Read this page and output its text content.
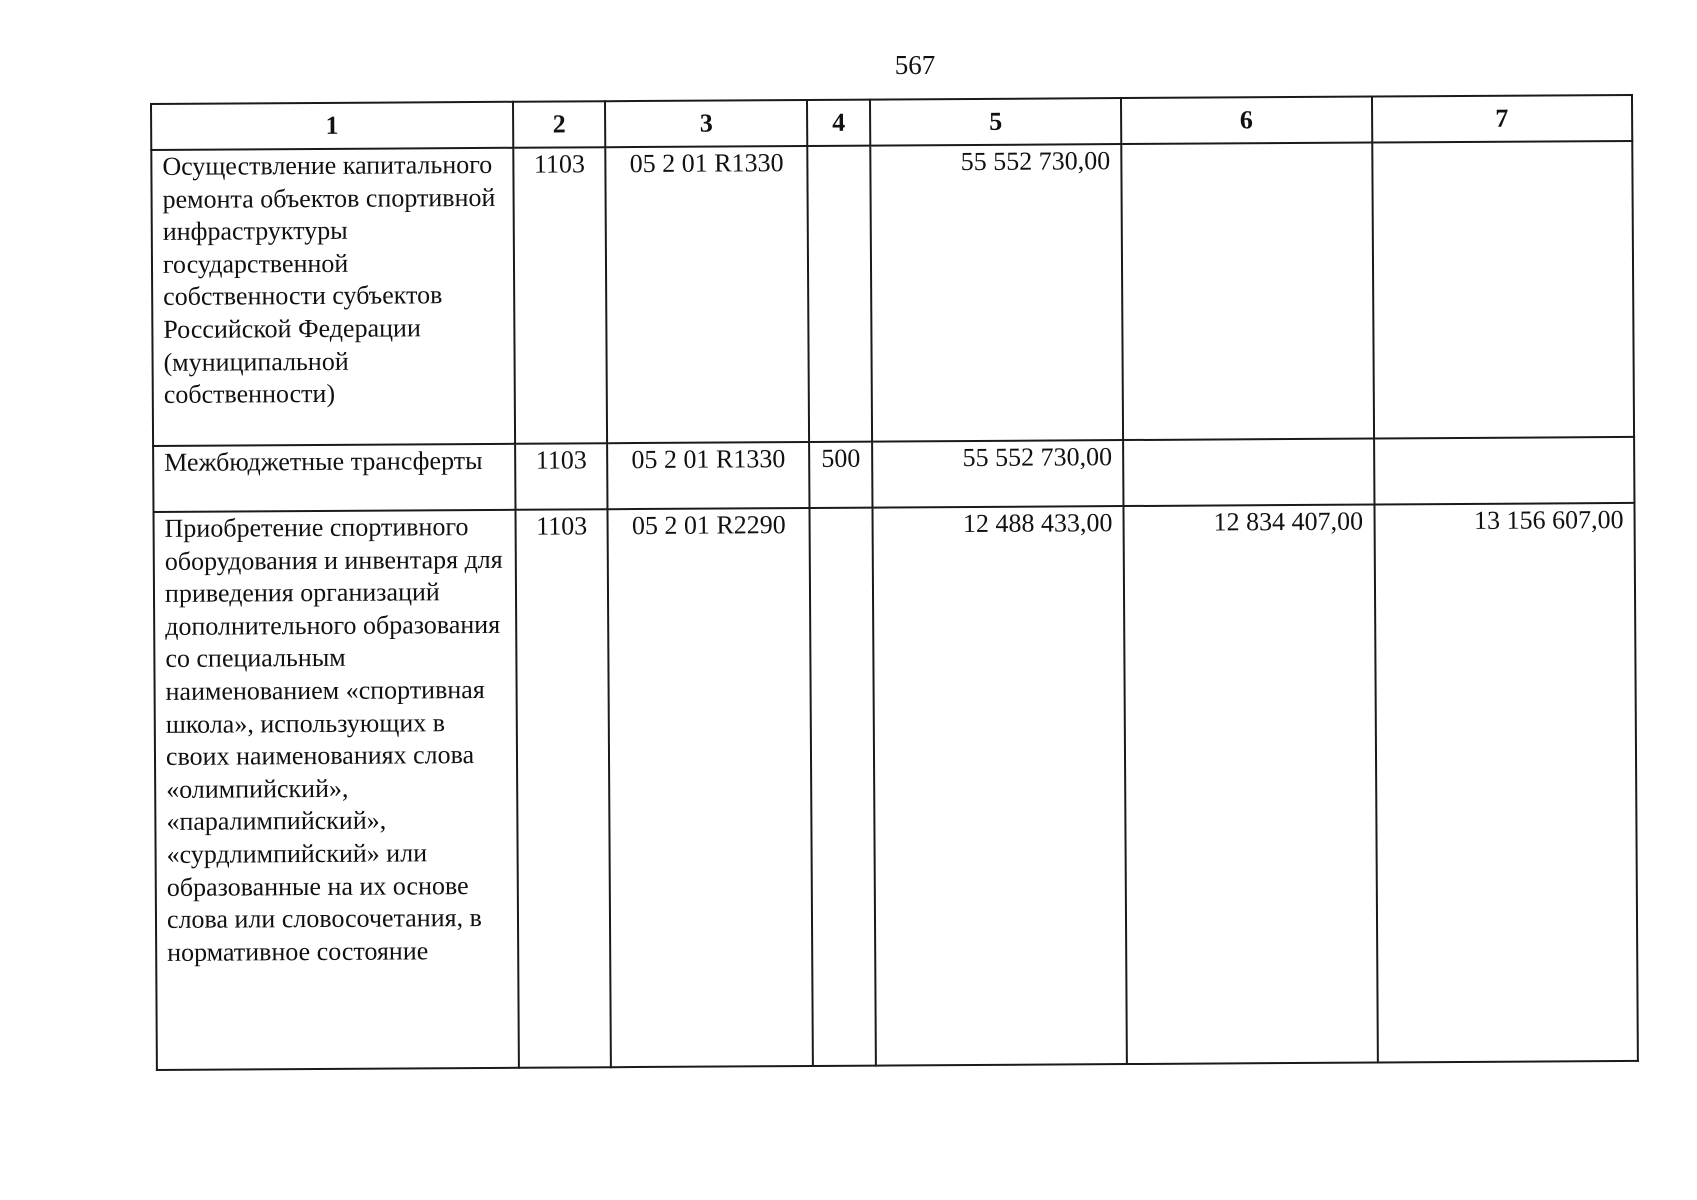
567
1	2	3	4	5	6	7
Осуществление капитального ремонта объектов спортивной инфраструктуры государственной собственности субъектов Российской Федерации (муниципальной собственности)	1103	05 2 01 R1330		55 552 730,00		
Межбюджетные трансферты	1103	05 2 01 R1330	500	55 552 730,00		
Приобретение спортивного оборудования и инвентаря для приведения организаций дополнительного образования со специальным наименованием «спортивная школа», использующих в своих наименованиях слова «олимпийский», «паралимпийский», «сурдлимпийский» или образованные на их основе слова или словосочетания, в нормативное состояние	1103	05 2 01 R2290		12 488 433,00	12 834 407,00	13 156 607,00
